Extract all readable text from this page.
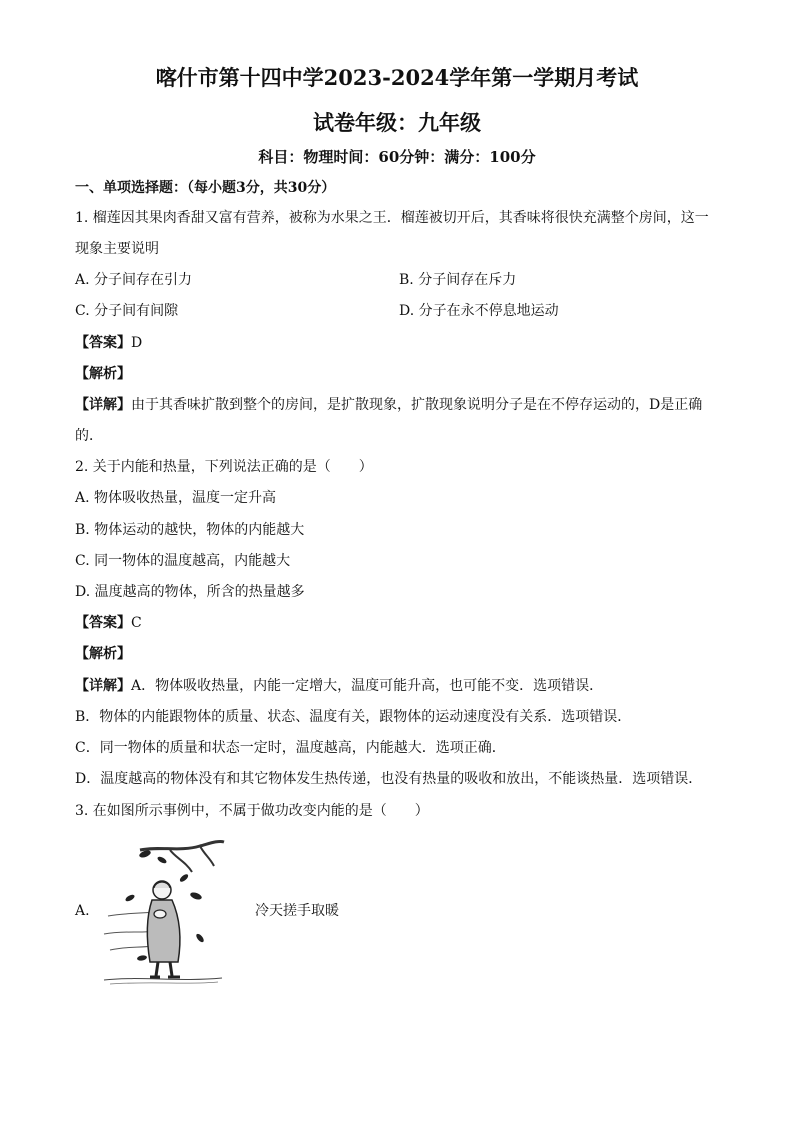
喀什市第十四中学2023-2024学年第一学期月考试
试卷年级：九年级
科目：物理时间：60分钟：满分：100分
一、单项选择题：（每小题3分，共30分）
1. 榴莲因其果肉香甜又富有营养，被称为水果之王．榴莲被切开后，其香味将很快充满整个房间，这一
现象主要说明
A. 分子间存在引力	B. 分子间存在斥力
C. 分子间有间隙	D. 分子在永不停息地运动
【答案】D
【解析】
【详解】由于其香味扩散到整个的房间，是扩散现象，扩散现象说明分子是在不停存运动的，D是正确
的．
2. 关于内能和热量，下列说法正确的是（　　）
A. 物体吸收热量，温度一定升高
B. 物体运动的越快，物体的内能越大
C. 同一物体的温度越高，内能越大
D. 温度越高的物体，所含的热量越多
【答案】C
【解析】
【详解】A．物体吸收热量，内能一定增大，温度可能升高，也可能不变．选项错误．
B．物体的内能跟物体的质量、状态、温度有关，跟物体的运动速度没有关系．选项错误．
C．同一物体的质量和状态一定时，温度越高，内能越大．选项正确．
D．温度越高的物体没有和其它物体发生热传递，也没有热量的吸收和放出，不能谈热量．选项错误．
3. 在如图所示事例中，不属于做功改变内能的是（　　）
A.	冷天搓手取暖
